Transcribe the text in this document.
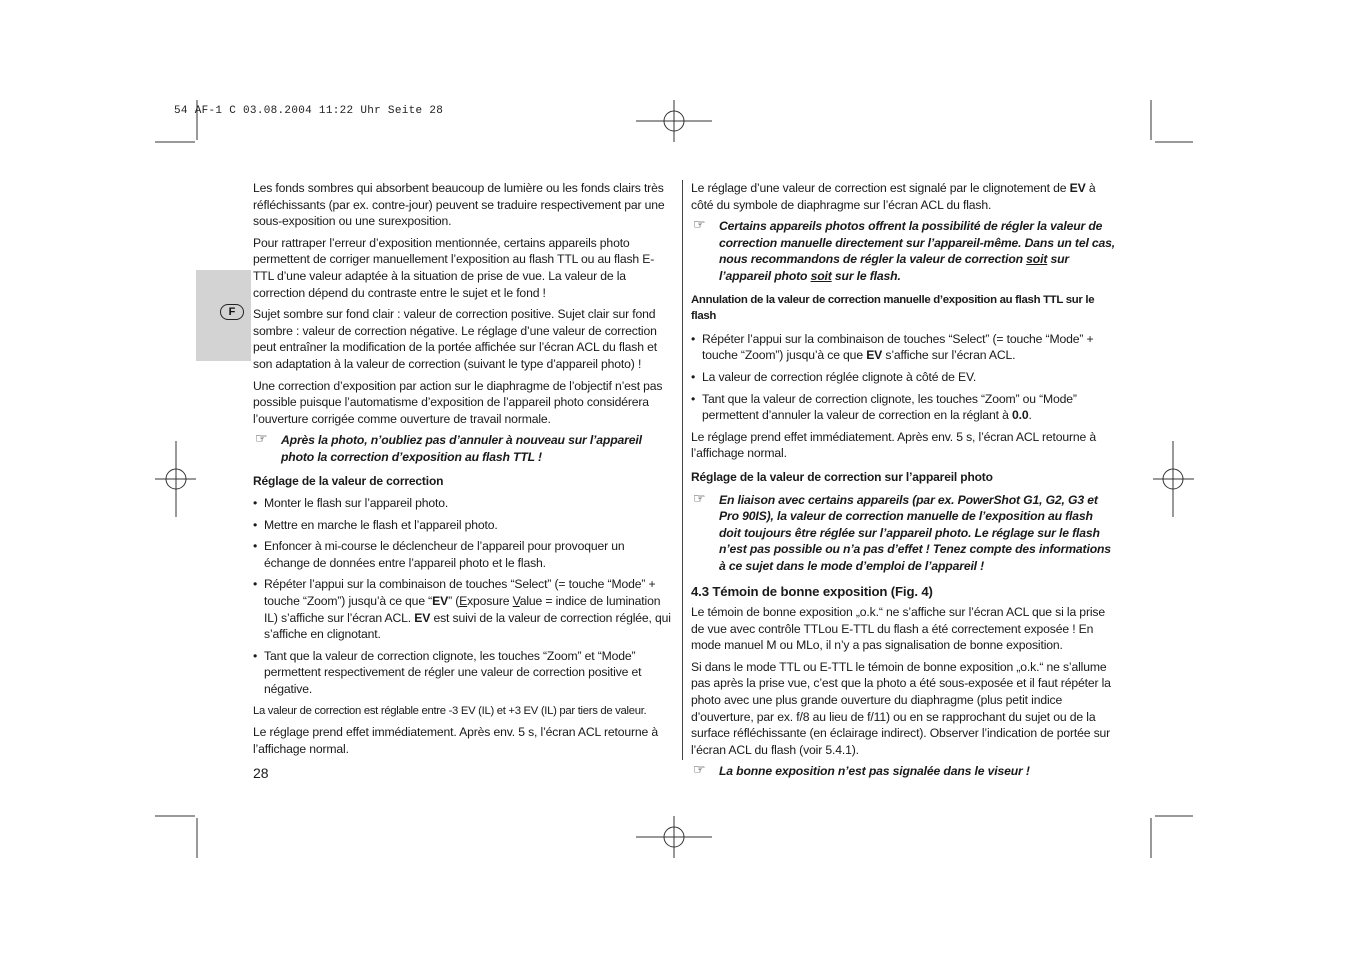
54 AF-1 C 03.08.2004 11:22 Uhr Seite 28
F

Les fonds sombres qui absorbent beaucoup de lumière ou les fonds clairs très réfléchissants (par ex. contre-jour) peuvent se traduire respectivement par une sous-exposition ou une surexposition.

Pour rattraper l’erreur d’exposition mentionnée, certains appareils photo permettent de corriger manuellement l’exposition au flash TTL ou au flash E-TTL d’une valeur adaptée à la situation de prise de vue. La valeur de la correction dépend du contraste entre le sujet et le fond !

Sujet sombre sur fond clair : valeur de correction positive. Sujet clair sur fond sombre : valeur de correction négative. Le réglage d’une valeur de correction peut entraîner la modification de la portée affichée sur l’écran ACL du flash et son adaptation à la valeur de correction (suivant le type d’appareil photo) !

Une correction d’exposition par action sur le diaphragme de l’objectif n’est pas possible puisque l’automatisme d’exposition de l’appareil photo considérera l’ouverture corrigée comme ouverture de travail normale.

☞ Après la photo, n’oubliez pas d’annuler à nouveau sur l’appareil photo la correction d’exposition au flash TTL !
Réglage de la valeur de correction
• Monter le flash sur l’appareil photo.
• Mettre en marche le flash et l’appareil photo.
• Enfoncer à mi-course le déclencheur de l’appareil pour provoquer un échange de données entre l’appareil photo et le flash.
• Répéter l’appui sur la combinaison de touches “Select” (= touche “Mode” + touche “Zoom”) jusqu’à ce que “EV” (Exposure Value = indice de lumination IL) s’affiche sur l’écran ACL. EV est suivi de la valeur de correction réglée, qui s’affiche en clignotant.
• Tant que la valeur de correction clignote, les touches “Zoom” et “Mode” permettent respectivement de régler une valeur de correction positive et négative.

La valeur de correction est réglable entre -3 EV (IL) et +3 EV (IL) par tiers de valeur.

Le réglage prend effet immédiatement. Après env. 5 s, l’écran ACL retourne à l’affichage normal.

Le réglage d’une valeur de correction est signalé par le clignotement de EV à côté du symbole de diaphragme sur l’écran ACL du flash.

☞ Certains appareils photos offrent la possibilité de régler la valeur de correction manuelle directement sur l’appareil-même. Dans un tel cas, nous recommandons de régler la valeur de correction soit sur l’appareil photo soit sur le flash.
Annulation de la valeur de correction manuelle d’exposition au flash TTL sur le flash
• Répéter l’appui sur la combinaison de touches “Select” (= touche “Mode” + touche “Zoom”) jusqu’à ce que EV s’affiche sur l’écran ACL.
• La valeur de correction réglée clignote à côté de EV.
• Tant que la valeur de correction clignote, les touches “Zoom” ou “Mode” permettent d’annuler la valeur de correction en la réglant à 0.0.

Le réglage prend effet immédiatement. Après env. 5 s, l’écran ACL retourne à l’affichage normal.

Réglage de la valeur de correction sur l’appareil photo
☞ En liaison avec certains appareils (par ex. PowerShot G1, G2, G3 et Pro 90IS), la valeur de correction manuelle de l’exposition au flash doit toujours être réglée sur l’appareil photo. Le réglage sur le flash n’est pas possible ou n’a pas d’effet ! Tenez compte des informations à ce sujet dans le mode d’emploi de l’appareil !
4.3 Témoin de bonne exposition (Fig. 4)

Le témoin de bonne exposition „o.k.“ ne s’affiche sur l’écran ACL que si la prise de vue avec contrôle TTLou E-TTL du flash a été correctement exposée ! En mode manuel M ou MLo, il n’y a pas signalisation de bonne exposition.

Si dans le mode TTL ou E-TTL le témoin de bonne exposition „o.k.“ ne s’allume pas après la prise vue, c’est que la photo a été sous-exposée et il faut répéter la photo avec une plus grande ouverture du diaphragme (plus petit indice d’ouverture, par ex. f/8 au lieu de f/11) ou en se rapprochant du sujet ou de la surface réfléchissante (en éclairage indirect). Observer l’indication de portée sur l’écran ACL du flash (voir 5.4.1).

☞ La bonne exposition n’est pas signalée dans le viseur !
28
